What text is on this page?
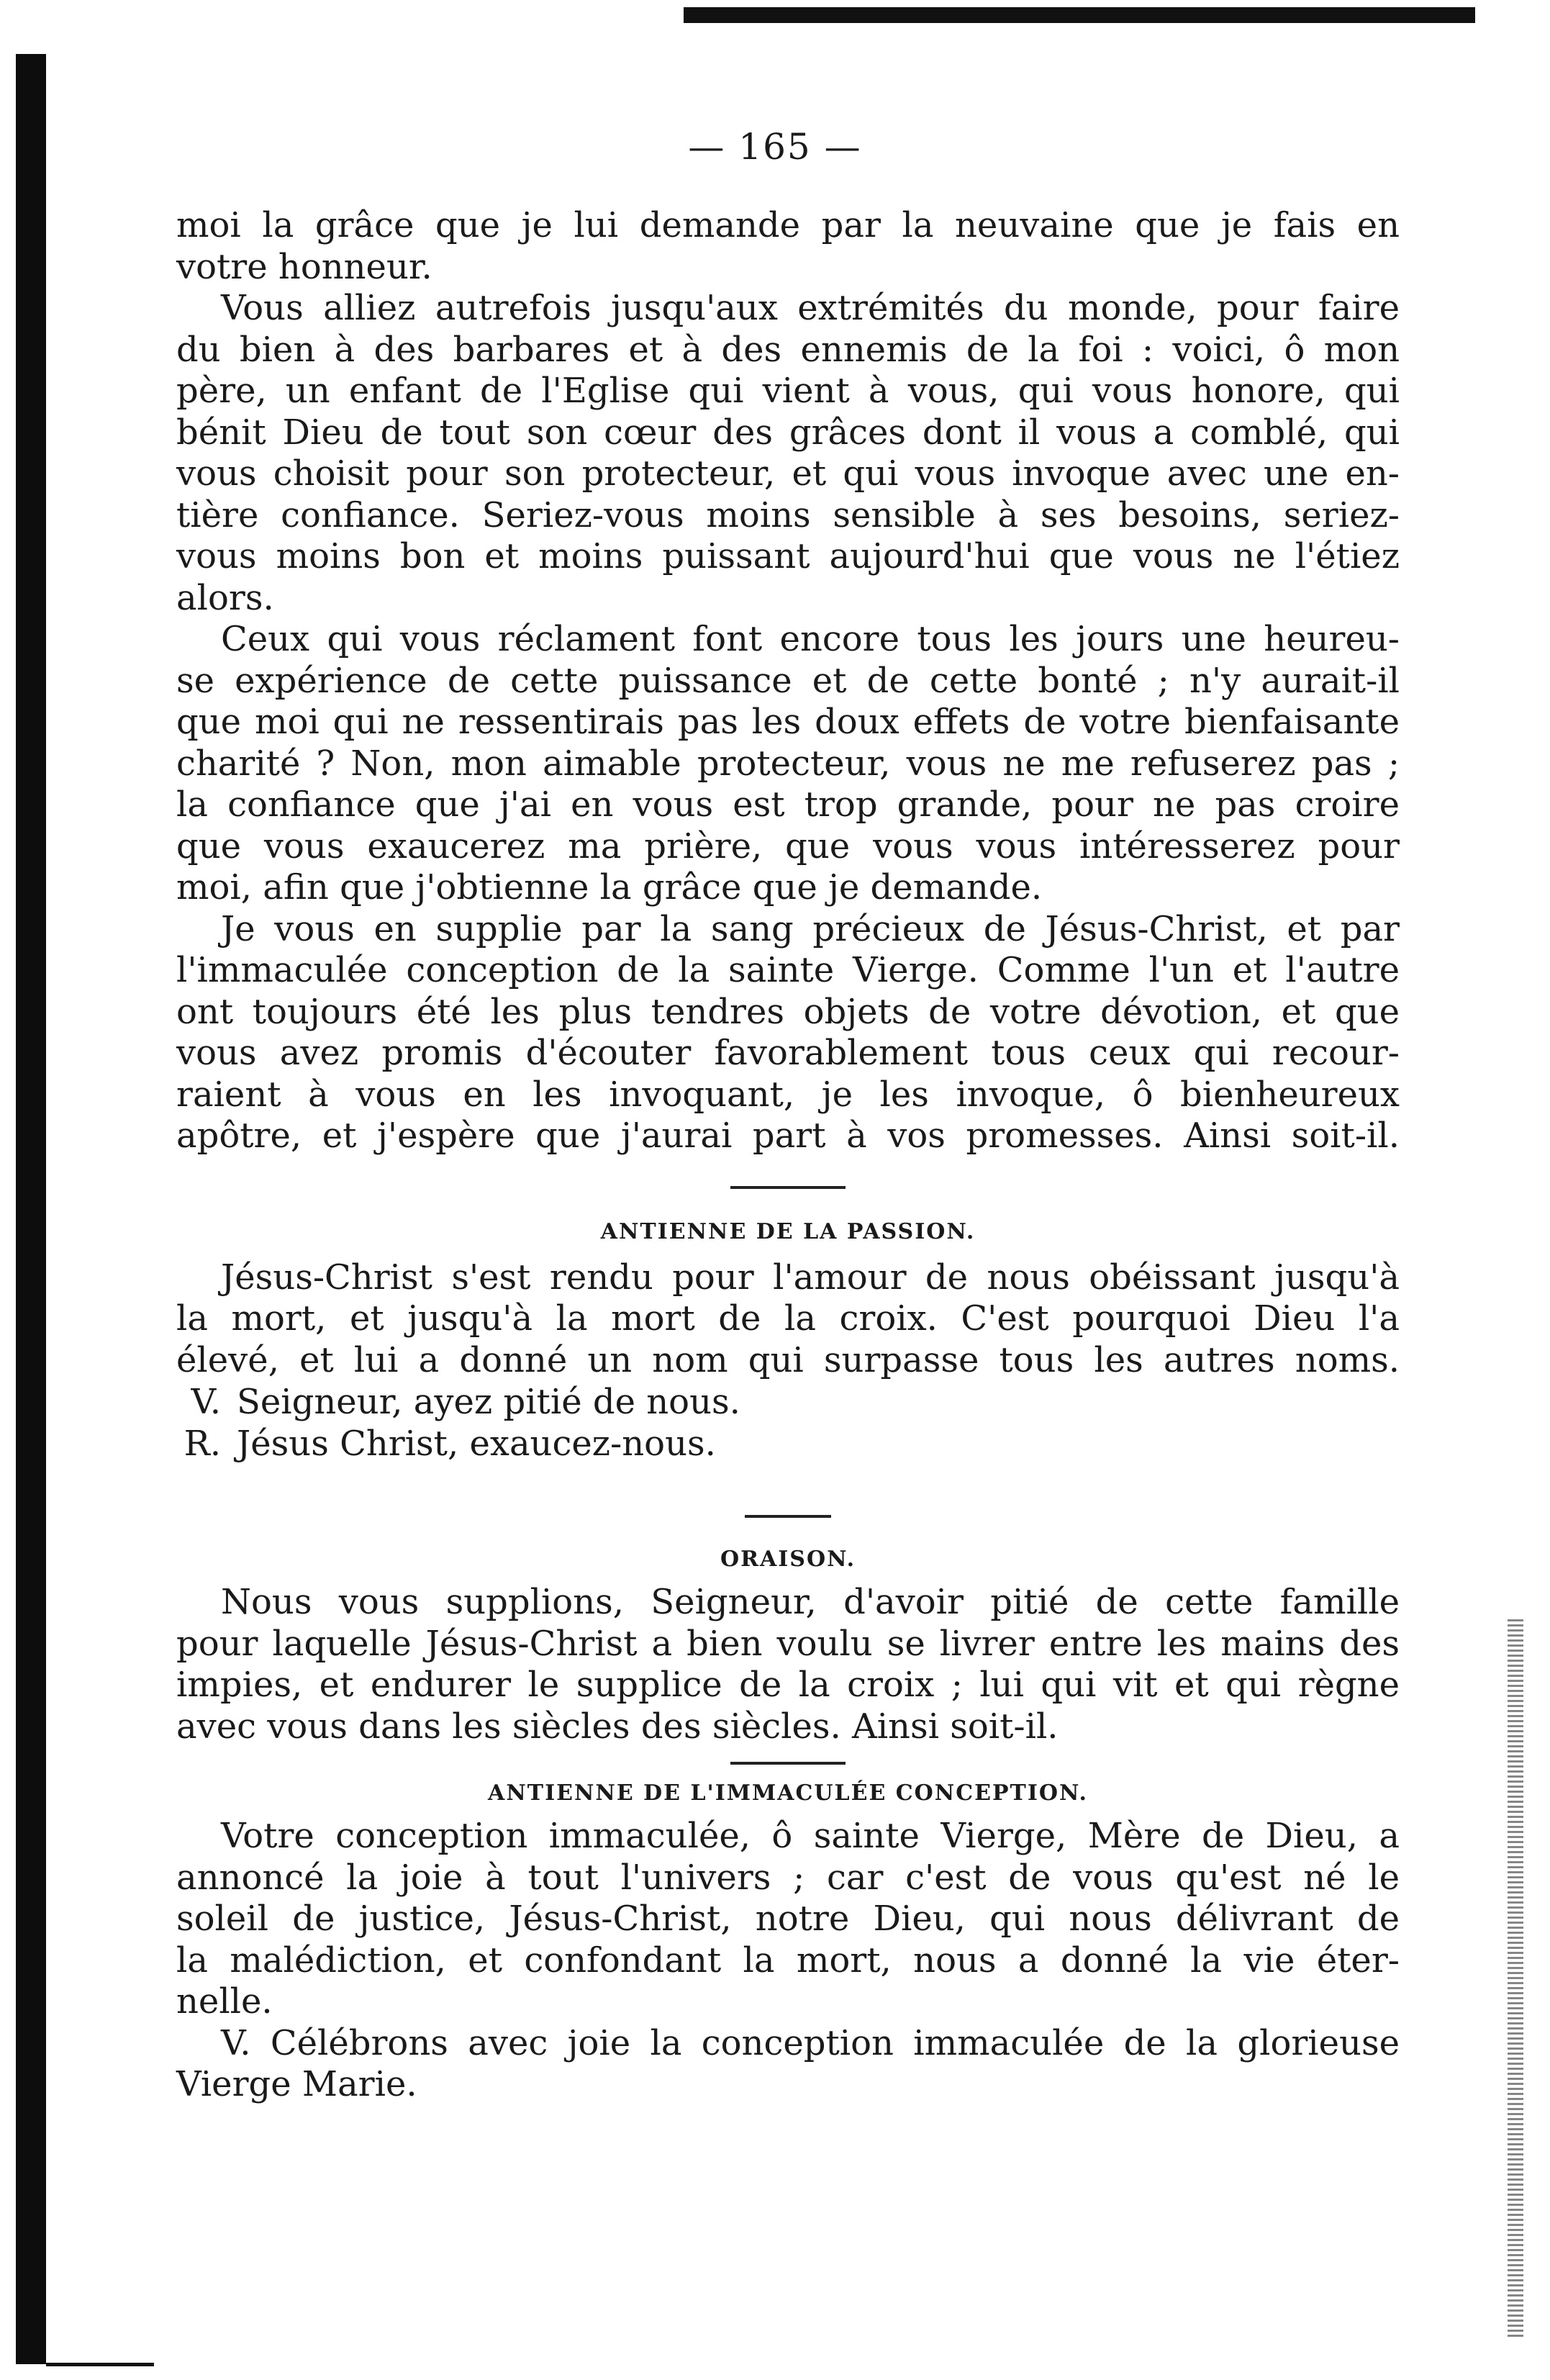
— 165 —

moi la grâce que je lui demande par la neuvaine que je fais en
votre honneur.

Vous alliez autrefois jusqu'aux extrémités du monde, pour faire
du bien à des barbares et à des ennemis de la foi : voici, ô mon
père, un enfant de l'Eglise qui vient à vous, qui vous honore, qui
bénit Dieu de tout son cœur des grâces dont il vous a comblé, qui
vous choisit pour son protecteur, et qui vous invoque avec une en-
tière confiance. Seriez-vous moins sensible à ses besoins, seriez-
vous moins bon et moins puissant aujourd'hui que vous ne l'étiez
alors.

Ceux qui vous réclament font encore tous les jours une heureu-
se expérience de cette puissance et de cette bonté ; n'y aurait-il
que moi qui ne ressentirais pas les doux effets de votre bienfaisante
charité ? Non, mon aimable protecteur, vous ne me refuserez pas ;
la confiance que j'ai en vous est trop grande, pour ne pas croire
que vous exaucerez ma prière, que vous vous intéresserez pour
moi, afin que j'obtienne la grâce que je demande.

Je vous en supplie par la sang précieux de Jésus-Christ, et par
l'immaculée conception de la sainte Vierge. Comme l'un et l'autre
ont toujours été les plus tendres objets de votre dévotion, et que
vous avez promis d'écouter favorablement tous ceux qui recour-
raient à vous en les invoquant, je les invoque, ô bienheureux
apôtre, et j'espère que j'aurai part à vos promesses. Ainsi soit-il.

ANTIENNE DE LA PASSION.

Jésus-Christ s'est rendu pour l'amour de nous obéissant jusqu'à
la mort, et jusqu'à la mort de la croix. C'est pourquoi Dieu l'a
élevé, et lui a donné un nom qui surpasse tous les autres noms.

V. Seigneur, ayez pitié de nous.
R. Jésus Christ, exaucez-nous.

ORAISON.

Nous vous supplions, Seigneur, d'avoir pitié de cette famille
pour laquelle Jésus-Christ a bien voulu se livrer entre les mains des
impies, et endurer le supplice de la croix ; lui qui vit et qui règne
avec vous dans les siècles des siècles. Ainsi soit-il.

ANTIENNE DE L'IMMACULÉE CONCEPTION.

Votre conception immaculée, ô sainte Vierge, Mère de Dieu, a
annoncé la joie à tout l'univers ; car c'est de vous qu'est né le
soleil de justice, Jésus-Christ, notre Dieu, qui nous délivrant de
la malédiction, et confondant la mort, nous a donné la vie éter-
nelle.

V. Célébrons avec joie la conception immaculée de la glorieuse
Vierge Marie.
